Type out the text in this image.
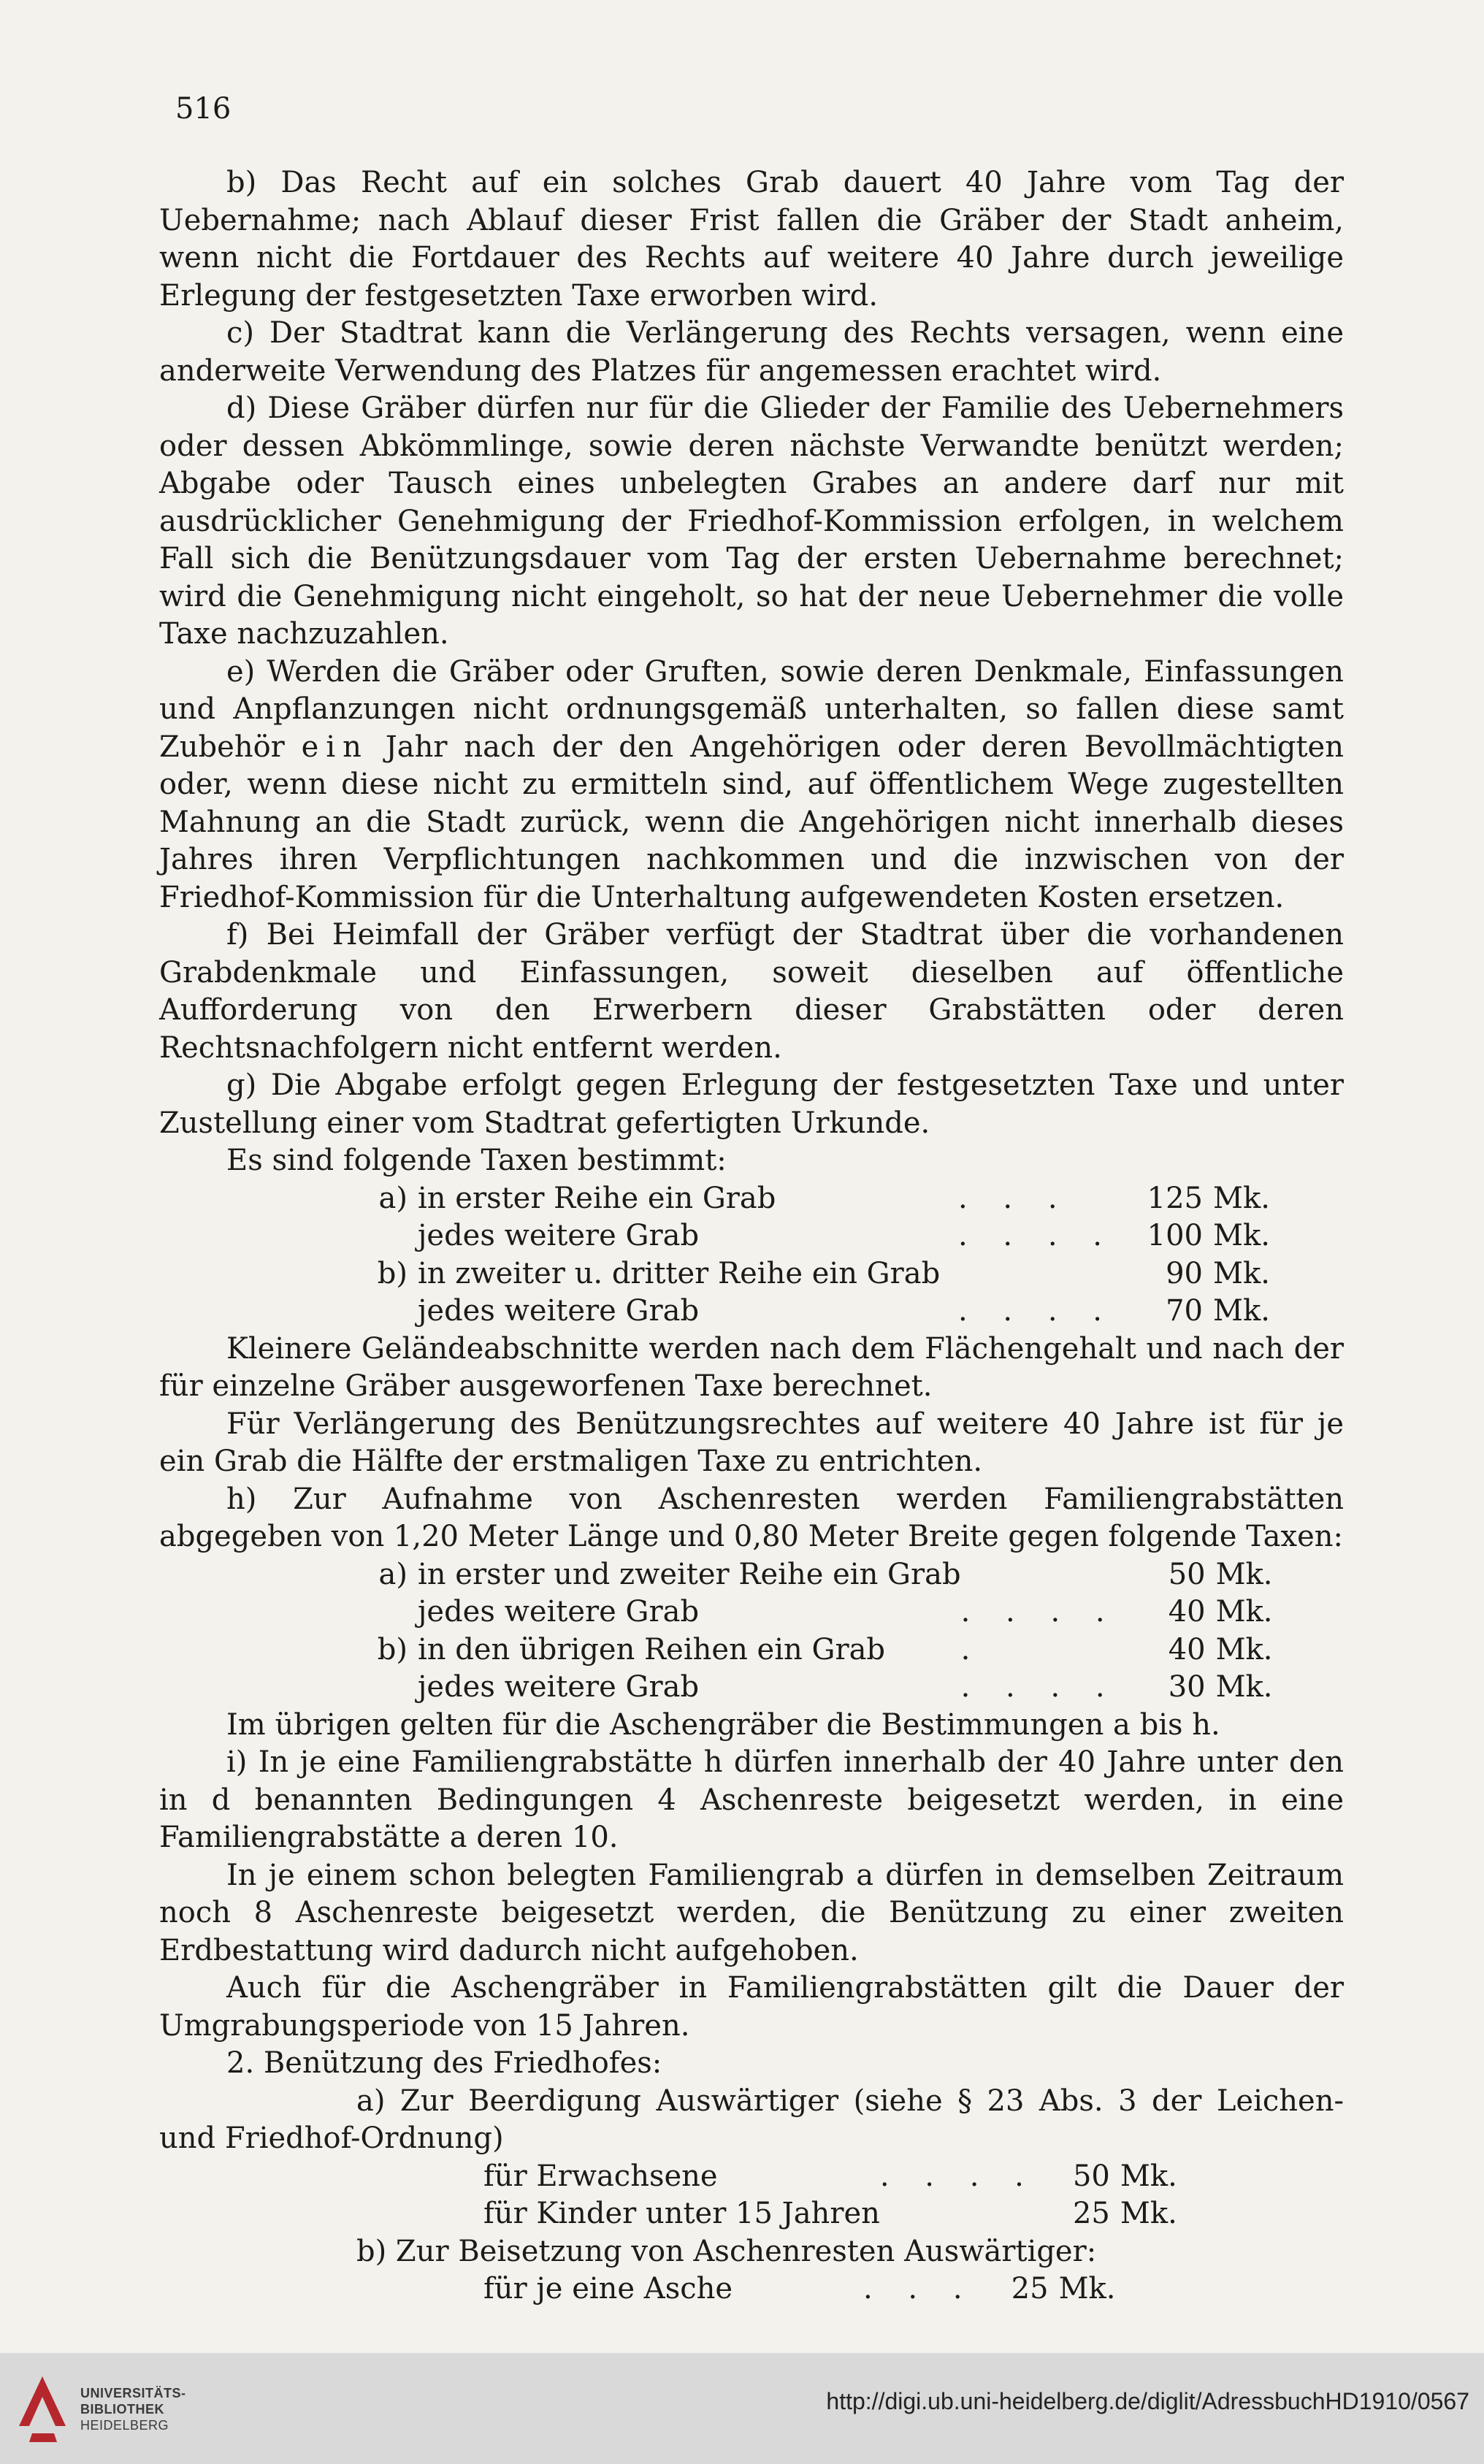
516

b) Das Recht auf ein solches Grab dauert 40 Jahre vom Tag der Uebernahme; nach Ablauf dieser Frist fallen die Gräber der Stadt anheim, wenn nicht die Fortdauer des Rechts auf weitere 40 Jahre durch jeweilige Erlegung der festgesetzten Taxe erworben wird.

c) Der Stadtrat kann die Verlängerung des Rechts versagen, wenn eine anderweite Verwendung des Platzes für angemessen erachtet wird.

d) Diese Gräber dürfen nur für die Glieder der Familie des Uebernehmers oder dessen Abkömmlinge, sowie deren nächste Verwandte benützt werden; Abgabe oder Tausch eines unbelegten Grabes an andere darf nur mit ausdrücklicher Genehmigung der Friedhof-Kommission erfolgen, in welchem Fall sich die Benützungsdauer vom Tag der ersten Uebernahme berechnet; wird die Genehmigung nicht eingeholt, so hat der neue Uebernehmer die volle Taxe nachzuzahlen.

e) Werden die Gräber oder Gruften, sowie deren Denkmale, Einfassungen und Anpflanzungen nicht ordnungsgemäß unterhalten, so fallen diese samt Zubehör ein Jahr nach der den Angehörigen oder deren Bevollmächtigten oder, wenn diese nicht zu ermitteln sind, auf öffentlichem Wege zugestellten Mahnung an die Stadt zurück, wenn die Angehörigen nicht innerhalb dieses Jahres ihren Verpflichtungen nachkommen und die inzwischen von der Friedhof-Kommission für die Unterhaltung aufgewendeten Kosten ersetzen.

f) Bei Heimfall der Gräber verfügt der Stadtrat über die vorhandenen Grabdenkmale und Einfassungen, soweit dieselben auf öffentliche Aufforderung von den Erwerbern dieser Grabstätten oder deren Rechtsnachfolgern nicht entfernt werden.

g) Die Abgabe erfolgt gegen Erlegung der festgesetzten Taxe und unter Zustellung einer vom Stadtrat gefertigten Urkunde.

Es sind folgende Taxen bestimmt:

a)	in erster Reihe ein Grab	. . .	125	Mk.
	jedes weitere Grab	. . . .	100	Mk.
b)	in zweiter u. dritter Reihe ein Grab		90	Mk.
	jedes weitere Grab	. . . .	70	Mk.

Kleinere Geländeabschnitte werden nach dem Flächengehalt und nach der für einzelne Gräber ausgeworfenen Taxe berechnet.

Für Verlängerung des Benützungsrechtes auf weitere 40 Jahre ist für je ein Grab die Hälfte der erstmaligen Taxe zu entrichten.

h) Zur Aufnahme von Aschenresten werden Familiengrabstätten abgegeben von 1,20 Meter Länge und 0,80 Meter Breite gegen folgende Taxen:

a)	in erster und zweiter Reihe ein Grab		50	Mk.
	jedes weitere Grab	. . . .	40	Mk.
b)	in den übrigen Reihen ein Grab	.	40	Mk.
	jedes weitere Grab	. . . .	30	Mk.

Im übrigen gelten für die Aschengräber die Bestimmungen a bis h.

i) In je eine Familiengrabstätte h dürfen innerhalb der 40 Jahre unter den in d benannten Bedingungen 4 Aschenreste beigesetzt werden, in eine Familiengrabstätte a deren 10.

In je einem schon belegten Familiengrab a dürfen in demselben Zeitraum noch 8 Aschenreste beigesetzt werden, die Benützung zu einer zweiten Erdbestattung wird dadurch nicht aufgehoben.

Auch für die Aschengräber in Familiengrabstätten gilt die Dauer der Umgrabungsperiode von 15 Jahren.

2. Benützung des Friedhofes:

a) Zur Beerdigung Auswärtiger (siehe § 23 Abs. 3 der Leichen- und Friedhof-Ordnung)

	für Erwachsene	. . . .	50	Mk.
	für Kinder unter 15 Jahren		25	Mk.

b) Zur Beisetzung von Aschenresten Auswärtiger:

	für je eine Asche	. . .	25	Mk.
UNIVERSITÄTS-
BIBLIOTHEK
HEIDELBERG
http://digi.ub.uni-heidelberg.de/diglit/AdressbuchHD1910/0567
